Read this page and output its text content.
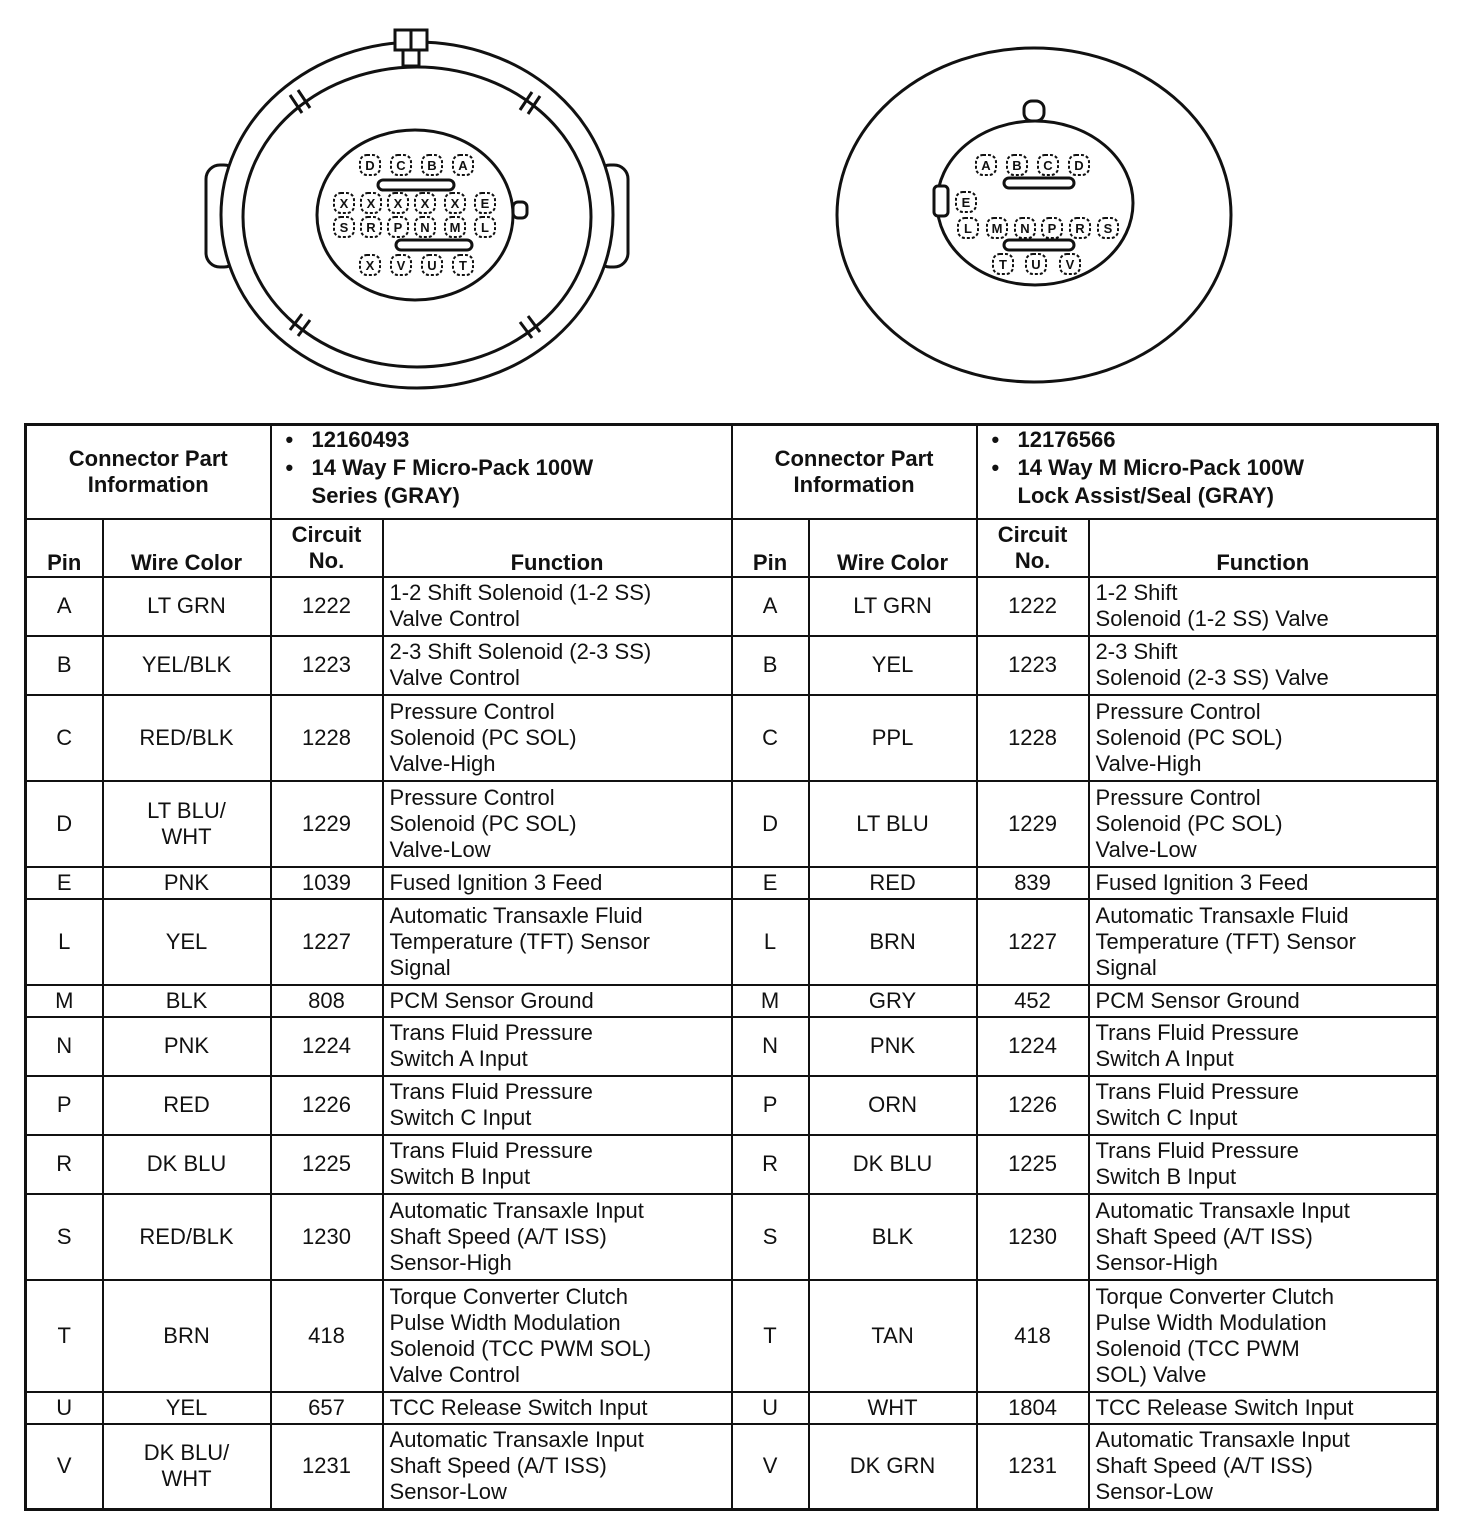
D C B A
X X X X X E
S R P N M L
X V U T
A B C D
E
L M N P R S
T U V
Connector Part Information		• 12160493
• 14 Way F Micro-Pack 100W
Series (GRAY)		Connector Part Information		• 12176566
• 14 Way M Micro-Pack 100W
Lock Assist/Seal (GRAY)	

Pin	Wire Color	Circuit
No.	Function	Pin	Wire Color	Circuit
No.	Function
A	LT GRN	1222	1-2 Shift Solenoid (1-2 SS)
Valve Control	A	LT GRN	1222	1-2 Shift
Solenoid (1-2 SS) Valve
B	YEL/BLK	1223	2-3 Shift Solenoid (2-3 SS)
Valve Control	B	YEL	1223	2-3 Shift
Solenoid (2-3 SS) Valve
C	RED/BLK	1228	Pressure Control
Solenoid (PC SOL)
Valve-High	C	PPL	1228	Pressure Control
Solenoid (PC SOL)
Valve-High
D	LT BLU/
WHT	1229	Pressure Control
Solenoid (PC SOL)
Valve-Low	D	LT BLU	1229	Pressure Control
Solenoid (PC SOL)
Valve-Low
E	PNK	1039	Fused Ignition 3 Feed	E	RED	839	Fused Ignition 3 Feed
L	YEL	1227	Automatic Transaxle Fluid
Temperature (TFT) Sensor
Signal	L	BRN	1227	Automatic Transaxle Fluid
Temperature (TFT) Sensor
Signal
M	BLK	808	PCM Sensor Ground	M	GRY	452	PCM Sensor Ground
N	PNK	1224	Trans Fluid Pressure
Switch A Input	N	PNK	1224	Trans Fluid Pressure
Switch A Input
P	RED	1226	Trans Fluid Pressure
Switch C Input	P	ORN	1226	Trans Fluid Pressure
Switch C Input
R	DK BLU	1225	Trans Fluid Pressure
Switch B Input	R	DK BLU	1225	Trans Fluid Pressure
Switch B Input
S	RED/BLK	1230	Automatic Transaxle Input
Shaft Speed (A/T ISS)
Sensor-High	S	BLK	1230	Automatic Transaxle Input
Shaft Speed (A/T ISS)
Sensor-High
T	BRN	418	Torque Converter Clutch
Pulse Width Modulation
Solenoid (TCC PWM SOL)
Valve Control	T	TAN	418	Torque Converter Clutch
Pulse Width Modulation
Solenoid (TCC PWM
SOL) Valve
U	YEL	657	TCC Release Switch Input	U	WHT	1804	TCC Release Switch Input
V	DK BLU/
WHT	1231	Automatic Transaxle Input
Shaft Speed (A/T ISS)
Sensor-Low	V	DK GRN	1231	Automatic Transaxle Input
Shaft Speed (A/T ISS)
Sensor-Low
